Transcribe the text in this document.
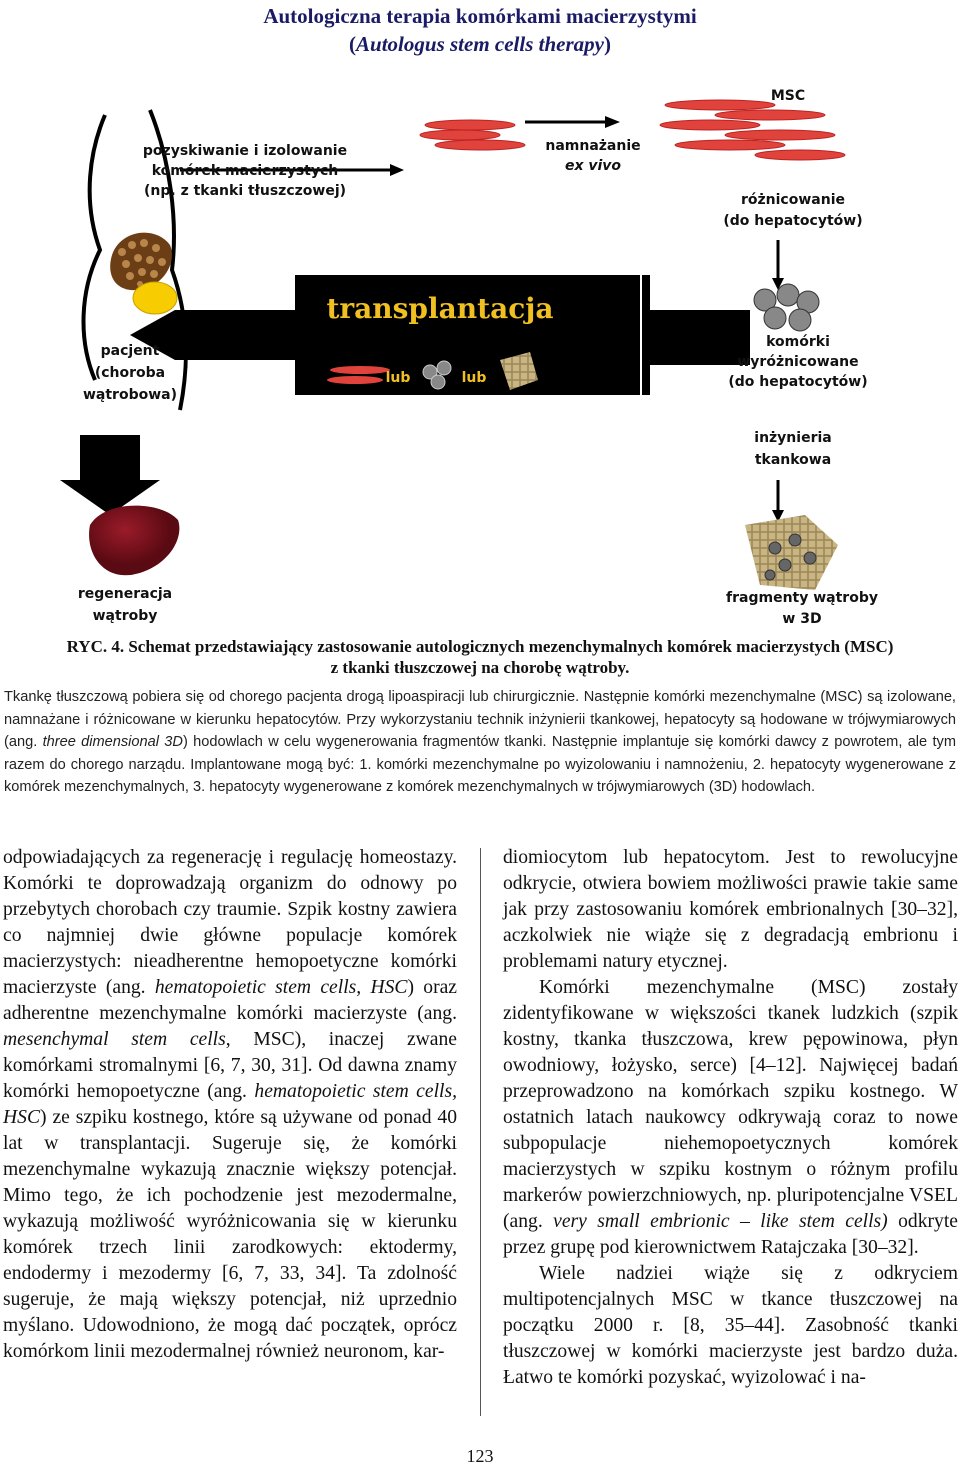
Autologiczna terapia komórkami macierzystymi
(Autologus stem cells therapy)
transplantacja
lub	lub
pozyskiwanie i izolowanie
komórek macierzystych
(np. z tkanki tłuszczowej)
namnażanie
ex vivo
MSC
różnicowanie
(do hepatocytów)
pacjent
(choroba
wątrobowa)
komórki
wyróżnicowane
(do hepatocytów)
inżynieria
tkankowa
regeneracja
wątroby
fragmenty wątroby
w 3D
RYC. 4. Schemat przedstawiający zastosowanie autologicznych mezenchymalnych komórek macierzystych (MSC)
z tkanki tłuszczowej na chorobę wątroby.
Tkankę tłuszczową pobiera się od chorego pacjenta drogą lipoaspiracji lub chirurgicznie. Następnie komórki mezenchymalne (MSC) są izolowane, namnażane i różnicowane w kierunku hepatocytów. Przy wykorzystaniu technik inżynierii tkankowej, hepatocyty są hodowane w trójwymiarowych (ang. three dimensional 3D) hodowlach w celu wygenerowania fragmentów tkanki. Następnie implantuje się komórki dawcy z powrotem, ale tym razem do chorego narządu. Implantowane mogą być: 1. komórki mezenchymalne po wyizolowaniu i namnożeniu, 2. hepatocyty wygenerowane z komórek mezenchymalnych, 3. hepatocyty wygenerowane z komórek mezenchymalnych w trójwymiarowych (3D) hodowlach.

odpowiadających za regenerację i regulację homeostazy. Komórki te doprowadzają organizm do odnowy po przebytych chorobach czy traumie. Szpik kostny zawiera co najmniej dwie główne populacje komórek macierzystych: nieadherentne hemopoetyczne komórki macierzyste (ang. hematopoietic stem cells, HSC) oraz adherentne mezenchymalne komórki macierzyste (ang. mesenchymal stem cells, MSC), inaczej zwane komórkami stromalnymi [6, 7, 30, 31]. Od dawna znamy komórki hemopoetyczne (ang. hematopoietic stem cells, HSC) ze szpiku kostnego, które są używane od ponad 40 lat w transplantacji. Sugeruje się, że komórki mezenchymalne wykazują znacznie większy potencjał. Mimo tego, że ich pochodzenie jest mezodermalne, wykazują możliwość wyróżnicowania się w kierunku komórek trzech linii zarodkowych: ektodermy, endodermy i mezodermy [6, 7, 33, 34]. Ta zdolność sugeruje, że mają większy potencjał, niż uprzednio myślano. Udowodniono, że mogą dać początek, oprócz komórkom linii mezodermalnej również neuronom, kar-

diomiocytom lub hepatocytom. Jest to rewolucyjne odkrycie, otwiera bowiem możliwości prawie takie same jak przy zastosowaniu komórek embrionalnych [30–32], aczkolwiek nie wiąże się z degradacją embrionu i problemami natury etycznej.

Komórki mezenchymalne (MSC) zostały zidentyfikowane w większości tkanek ludzkich (szpik kostny, tkanka tłuszczowa, krew pępowinowa, płyn owodniowy, łożysko, serce) [4–12]. Najwięcej badań przeprowadzono na komórkach szpiku kostnego. W ostatnich latach naukowcy odkrywają coraz to nowe subpopulacje niehemopoetycznych komórek macierzystych w szpiku kostnym o różnym profilu markerów powierzchniowych, np. pluripotencjalne VSEL (ang. very small embrionic – like stem cells) odkryte przez grupę pod kierownictwem Ratajczaka [30–32].

Wiele nadziei wiąże się z odkryciem multipotencjalnych MSC w tkance tłuszczowej na początku 2000 r. [8, 35–44]. Zasobność tkanki tłuszczowej w komórki macierzyste jest bardzo duża. Łatwo te komórki pozyskać, wyizolować i na-

123
